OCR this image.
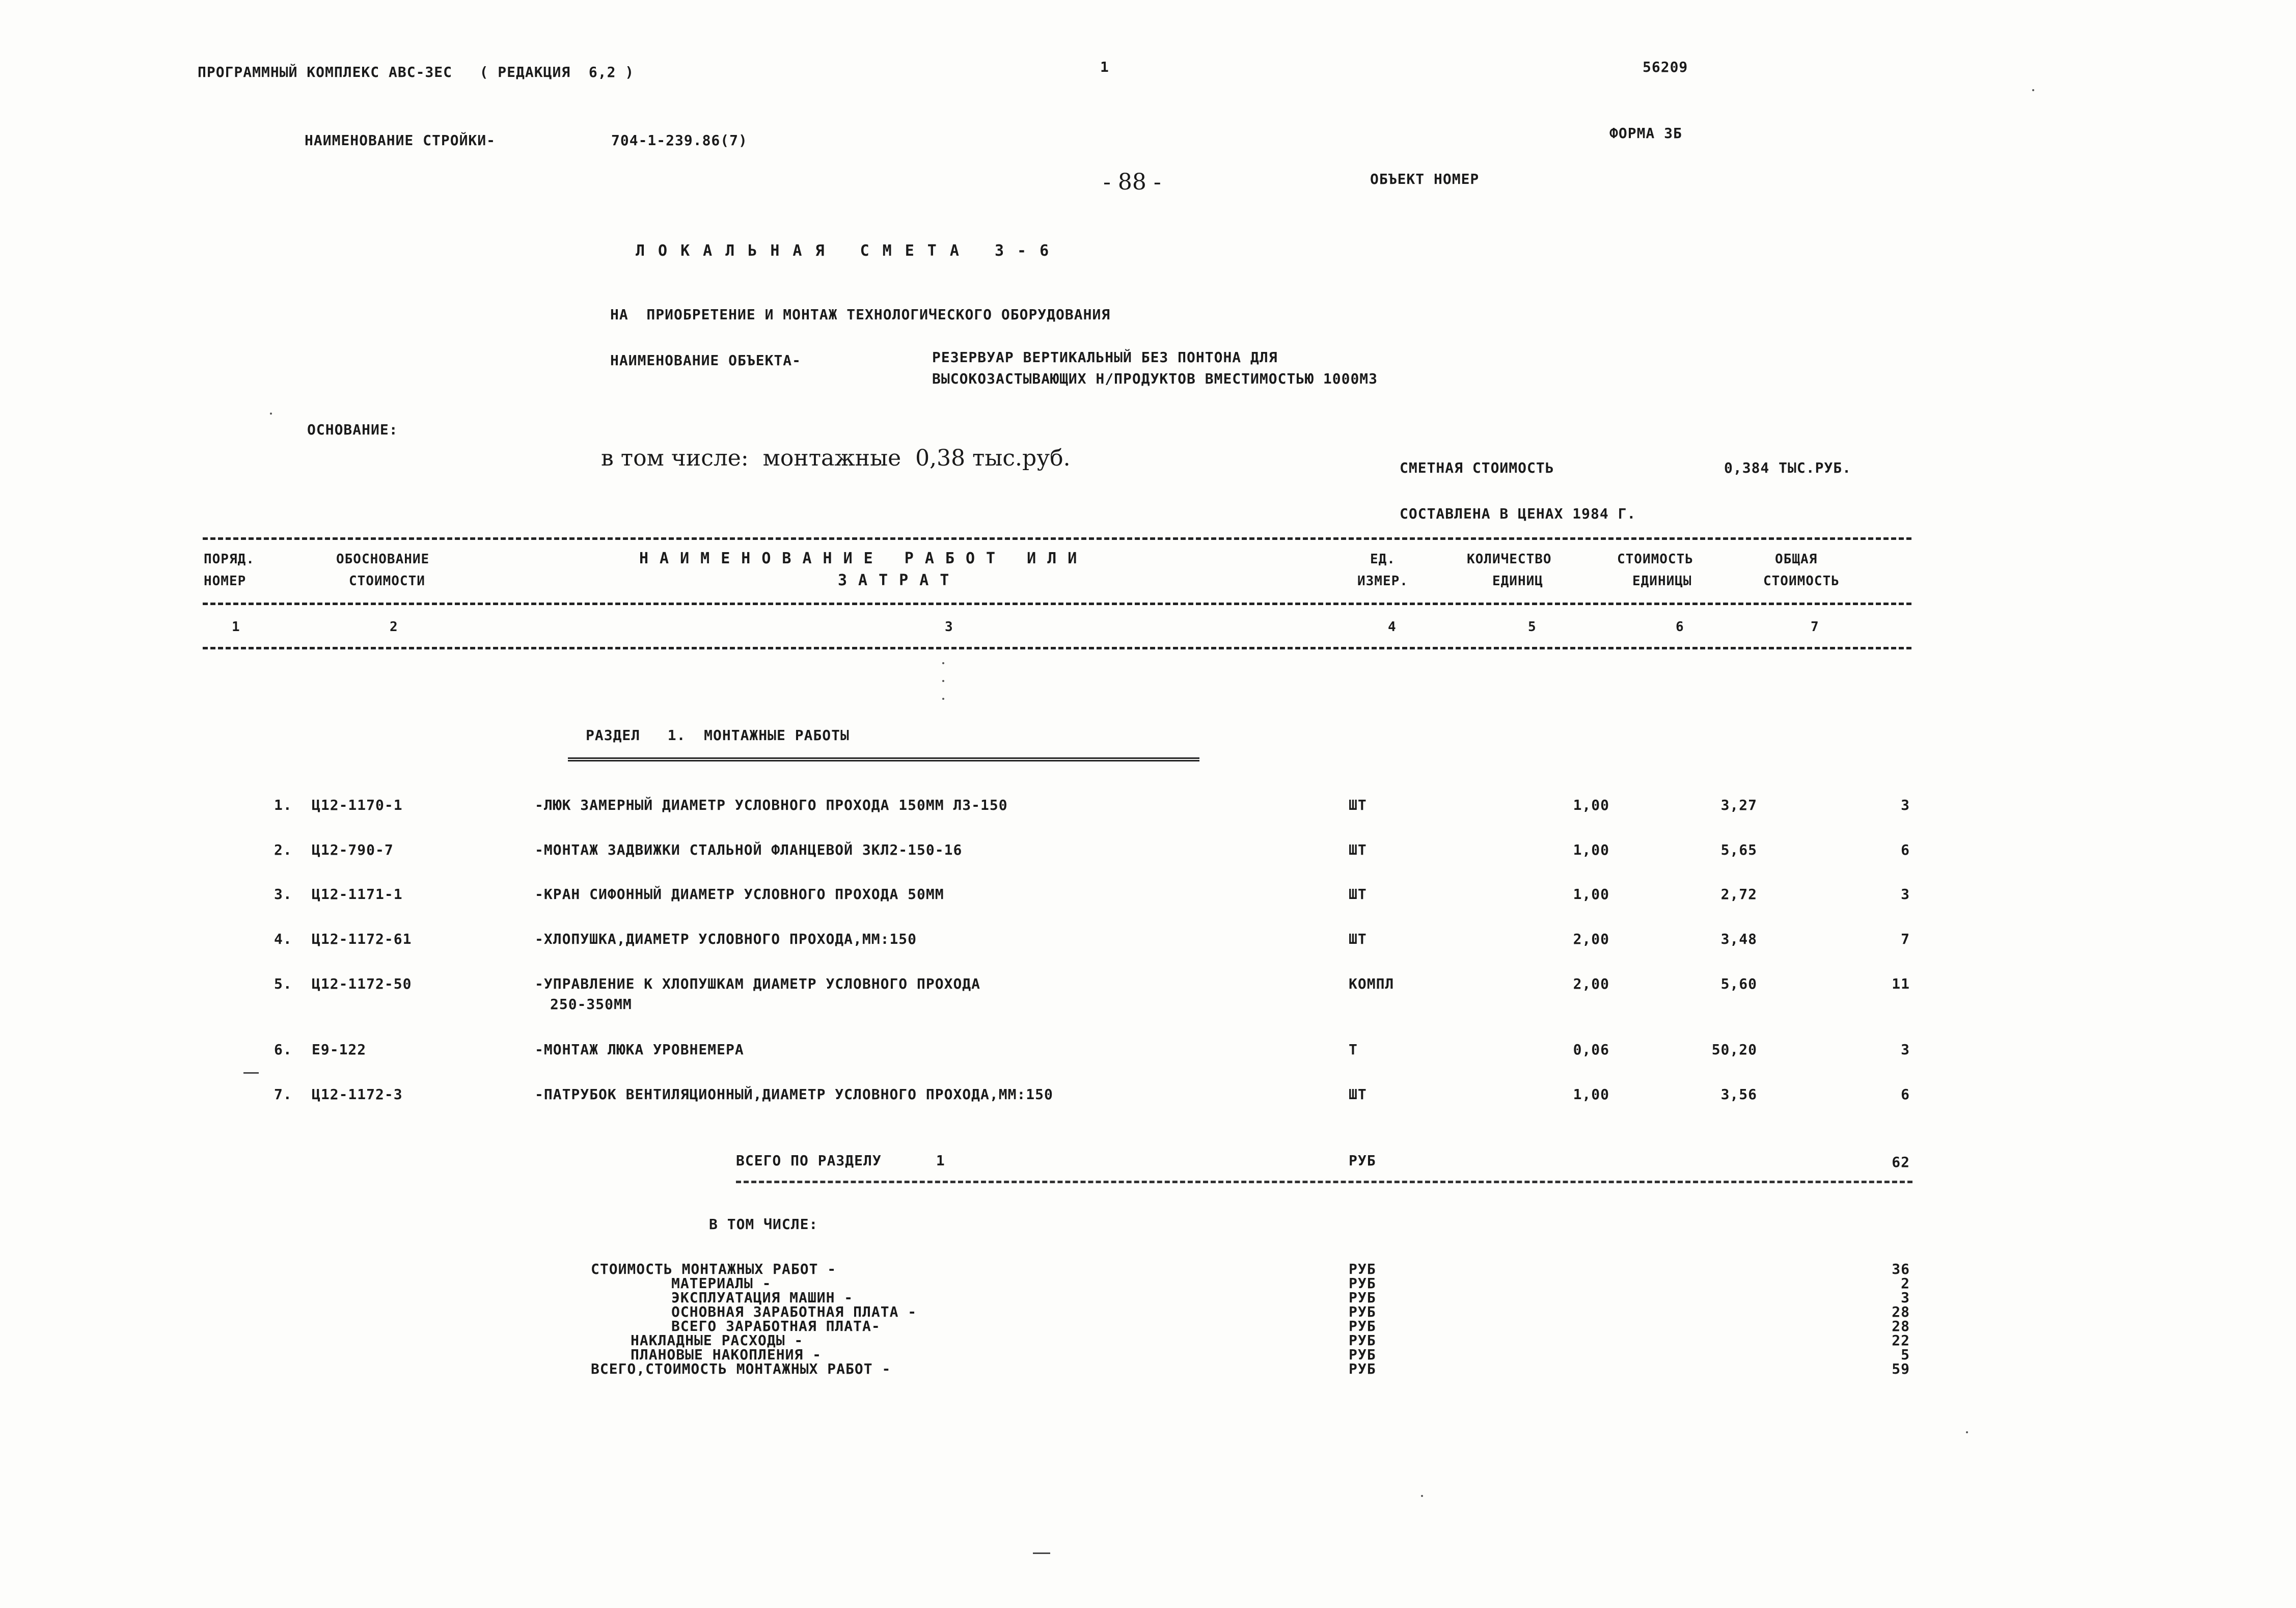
ПРОГРАММНЫЙ КОМПЛЕКС АВС-ЗЕС   ( РЕДАКЦИЯ  6,2 )	1	56209
НАИМЕНОВАНИЕ СТРОЙКИ-	704-1-239.86(7)	ФОРМА 3Б
- 88 -	ОБЪЕКТ НОМЕР
ЛОКАЛЬНАЯ СМЕТА 3-6
НА  ПРИОБРЕТЕНИЕ И МОНТАЖ ТЕХНОЛОГИЧЕСКОГО ОБОРУДОВАНИЯ
НАИМЕНОВАНИЕ ОБЪЕКТА-	РЕЗЕРВУАР ВЕРТИКАЛЬНЫЙ БЕЗ ПОНТОНА ДЛЯ
ВЫСОКОЗАСТЫВАЮЩИХ Н/ПРОДУКТОВ ВМЕСТИМОСТЬЮ 1000М3
ОСНОВАНИЕ:
в том числе:  монтажные  0,38 тыс.руб.	СМЕТНАЯ СТОИМОСТЬ	0,384 ТЫС.РУБ.
СОСТАВЛЕНА В ЦЕНАХ 1984 Г.
ПОРЯД.	ОБОСНОВАНИЕ	НАИМЕНОВАНИЕ РАБОТ ИЛИ	ЕД.	КОЛИЧЕСТВО	СТОИМОСТЬ	ОБЩАЯ
НОМЕР	СТОИМОСТИ	ЗАТРАТ	ИЗМЕР.	ЕДИНИЦ	ЕДИНИЦЫ	СТОИМОСТЬ
1	2	3	4	5	6	7
РАЗДЕЛ   1.  МОНТАЖНЫЕ РАБОТЫ
1. Ц12-1170-1	-ЛЮК ЗАМЕРНЫЙ ДИАМЕТР УСЛОВНОГО ПРОХОДА 150ММ ЛЗ-150	ШТ	1,00	3,27	3
2. Ц12-790-7	-МОНТАЖ ЗАДВИЖКИ СТАЛЬНОЙ ФЛАНЦЕВОЙ ЗКЛ2-150-16	ШТ	1,00	5,65	6
3. Ц12-1171-1	-КРАН СИФОННЫЙ ДИАМЕТР УСЛОВНОГО ПРОХОДА 50ММ	ШТ	1,00	2,72	3
4. Ц12-1172-61	-ХЛОПУШКА,ДИАМЕТР УСЛОВНОГО ПРОХОДА,ММ:150	ШТ	2,00	3,48	7
5. Ц12-1172-50	-УПРАВЛЕНИЕ К ХЛОПУШКАМ ДИАМЕТР УСЛОВНОГО ПРОХОДА
250-350ММ
КОМПЛ	2,00	5,60	11
6. Е9-122	-МОНТАЖ ЛЮКА УРОВНЕМЕРА	Т	0,06	50,20	3
7. Ц12-1172-3	-ПАТРУБОК ВЕНТИЛЯЦИОННЫЙ,ДИАМЕТР УСЛОВНОГО ПРОХОДА,ММ:150	ШТ	1,00	3,56	6
ВСЕГО ПО РАЗДЕЛУ      1	РУБ	62
В ТОМ ЧИСЛЕ:
СТОИМОСТЬ МОНТАЖНЫХ РАБОТ -	РУБ	36
МАТЕРИАЛЫ -	РУБ	2
ЭКСПЛУАТАЦИЯ МАШИН -	РУБ	3
ОСНОВНАЯ ЗАРАБОТНАЯ ПЛАТА -	РУБ	28
ВСЕГО ЗАРАБОТНАЯ ПЛАТА-	РУБ	28
НАКЛАДНЫЕ РАСХОДЫ -	РУБ	22
ПЛАНОВЫЕ НАКОПЛЕНИЯ -	РУБ	5
ВСЕГО,СТОИМОСТЬ МОНТАЖНЫХ РАБОТ -	РУБ	59
